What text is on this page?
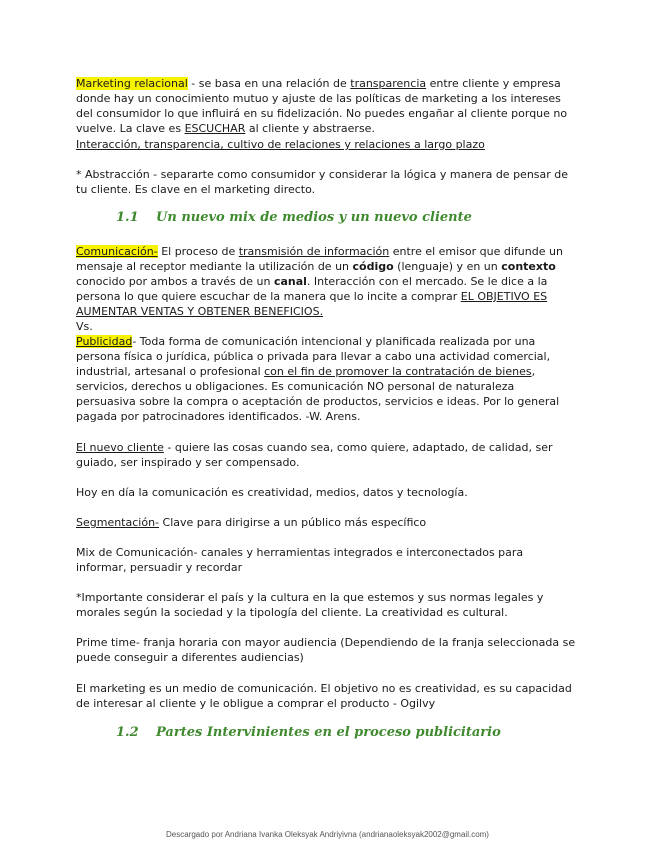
Marketing relacional - se basa en una relación de transparencia entre cliente y empresa donde hay un conocimiento mutuo y ajuste de las políticas de marketing a los intereses del consumidor lo que influirá en su fidelización. No puedes engañar al cliente porque no vuelve. La clave es ESCUCHAR al cliente y abstraerse.

Interacción, transparencia, cultivo de relaciones y relaciones a largo plazo

* Abstracción - separarte como consumidor y considerar la lógica y manera de pensar de tu cliente. Es clave en el marketing directo.

1.1 Un nuevo mix de medios y un nuevo cliente

Comunicación- El proceso de transmisión de información entre el emisor que difunde un mensaje al receptor mediante la utilización de un código (lenguaje) y en un contexto conocido por ambos a través de un canal. Interacción con el mercado. Se le dice a la persona lo que quiere escuchar de la manera que lo incite a comprar EL OBJETIVO ES AUMENTAR VENTAS Y OBTENER BENEFICIOS.
Vs.

Publicidad- Toda forma de comunicación intencional y planificada realizada por una persona física o jurídica, pública o privada para llevar a cabo una actividad comercial, industrial, artesanal o profesional con el fin de promover la contratación de bienes, servicios, derechos u obligaciones. Es comunicación NO personal de naturaleza persuasiva sobre la compra o aceptación de productos, servicios e ideas. Por lo general pagada por patrocinadores identificados. -W. Arens.

El nuevo cliente - quiere las cosas cuando sea, como quiere, adaptado, de calidad, ser guiado, ser inspirado y ser compensado.

Hoy en día la comunicación es creatividad, medios, datos y tecnología.

Segmentación- Clave para dirigirse a un público más específico

Mix de Comunicación- canales y herramientas integrados e interconectados para informar, persuadir y recordar

*Importante considerar el país y la cultura en la que estemos y sus normas legales y morales según la sociedad y la tipología del cliente. La creatividad es cultural.

Prime time- franja horaria con mayor audiencia (Dependiendo de la franja seleccionada se puede conseguir a diferentes audiencias)

El marketing es un medio de comunicación. El objetivo no es creatividad, es su capacidad de interesar al cliente y le obligue a comprar el producto - Ogilvy

1.2 Partes Intervinientes en el proceso publicitario
Descargado por Andriana Ivanka Oleksyak Andriyivna (andrianaoleksyak2002@gmail.com)
